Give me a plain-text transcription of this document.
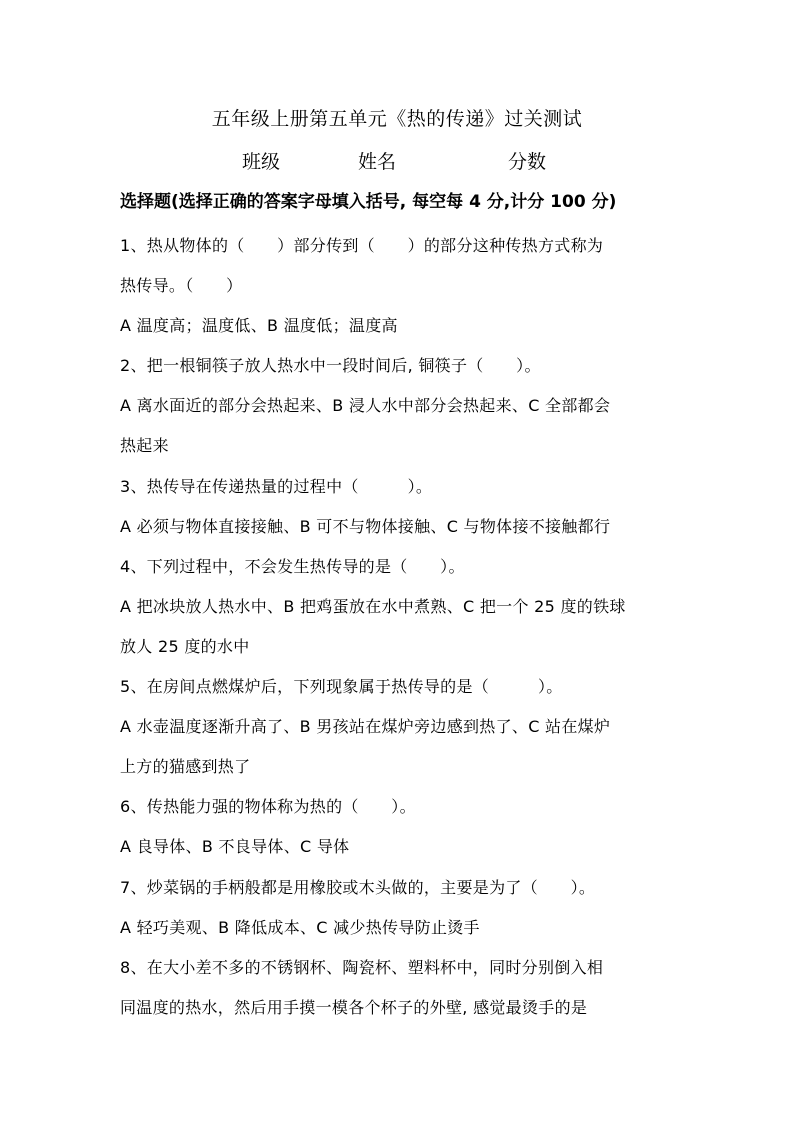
五年级上册第五单元《热的传递》过关测试
班级	姓名	分数
选择题(选择正确的答案字母填入括号, 每空每 4 分,计分 100 分)
1、热从物体的（　　）部分传到（　　）的部分这种传热方式称为
热传导。（　　）
A 温度高；温度低、B 温度低；温度高
2、把一根铜筷子放人热水中一段时间后, 铜筷子（　　）。
A 离水面近的部分会热起来、B 浸人水中部分会热起来、C 全部都会
热起来
3、热传导在传递热量的过程中（　　　）。
A 必须与物体直接接触、B 可不与物体接触、C 与物体接不接触都行
4、下列过程中，不会发生热传导的是（　　）。
A 把冰块放人热水中、B 把鸡蛋放在水中煮熟、C 把一个 25 度的铁球
放人 25 度的水中
5、在房间点燃煤炉后，下列现象属于热传导的是（　　　）。
A 水壶温度逐渐升高了、B 男孩站在煤炉旁边感到热了、C 站在煤炉
上方的猫感到热了
6、传热能力强的物体称为热的（　　）。
A 良导体、B 不良导体、C 导体
7、炒菜锅的手柄般都是用橡胶或木头做的，主要是为了（　　）。
A 轻巧美观、B 降低成本、C 减少热传导防止烫手
8、在大小差不多的不锈钢杯、陶瓷杯、塑料杯中，同时分别倒入相
同温度的热水，然后用手摸一模各个杯子的外壁, 感觉最烫手的是
